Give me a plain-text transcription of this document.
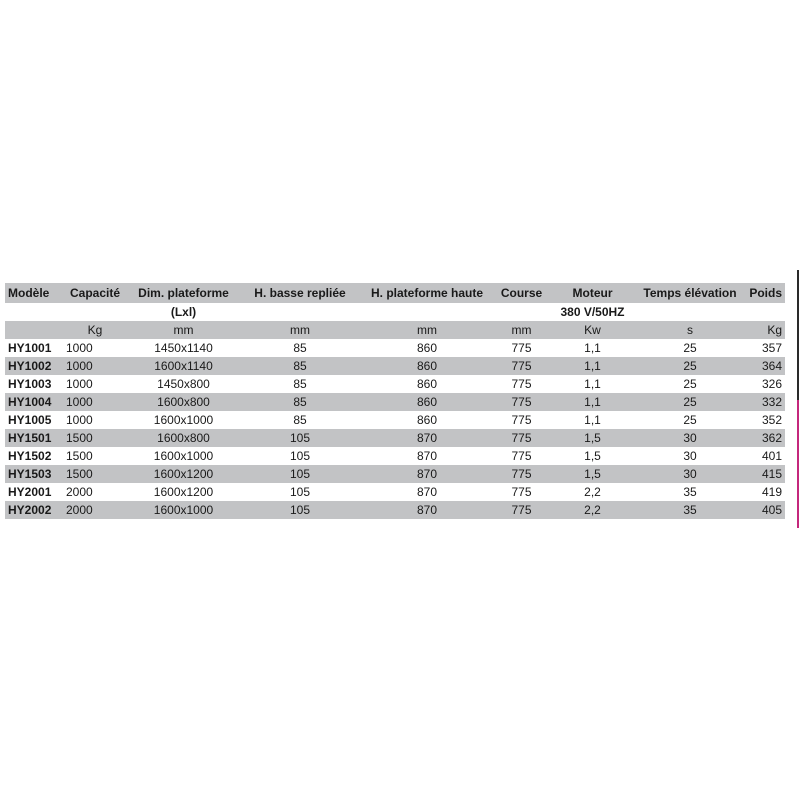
Modèle	Capacité	Dim. plateforme	H. basse repliée	H. plateforme haute	Course	Moteur	Temps élévation	Poids
		(Lxl)				380 V/50HZ		
	Kg	mm	mm	mm	mm	Kw	s	Kg
HY1001	1000	1450x1140	85	860	775	1,1	25	357
HY1002	1000	1600x1140	85	860	775	1,1	25	364
HY1003	1000	1450x800	85	860	775	1,1	25	326
HY1004	1000	1600x800	85	860	775	1,1	25	332
HY1005	1000	1600x1000	85	860	775	1,1	25	352
HY1501	1500	1600x800	105	870	775	1,5	30	362
HY1502	1500	1600x1000	105	870	775	1,5	30	401
HY1503	1500	1600x1200	105	870	775	1,5	30	415
HY2001	2000	1600x1200	105	870	775	2,2	35	419
HY2002	2000	1600x1000	105	870	775	2,2	35	405
